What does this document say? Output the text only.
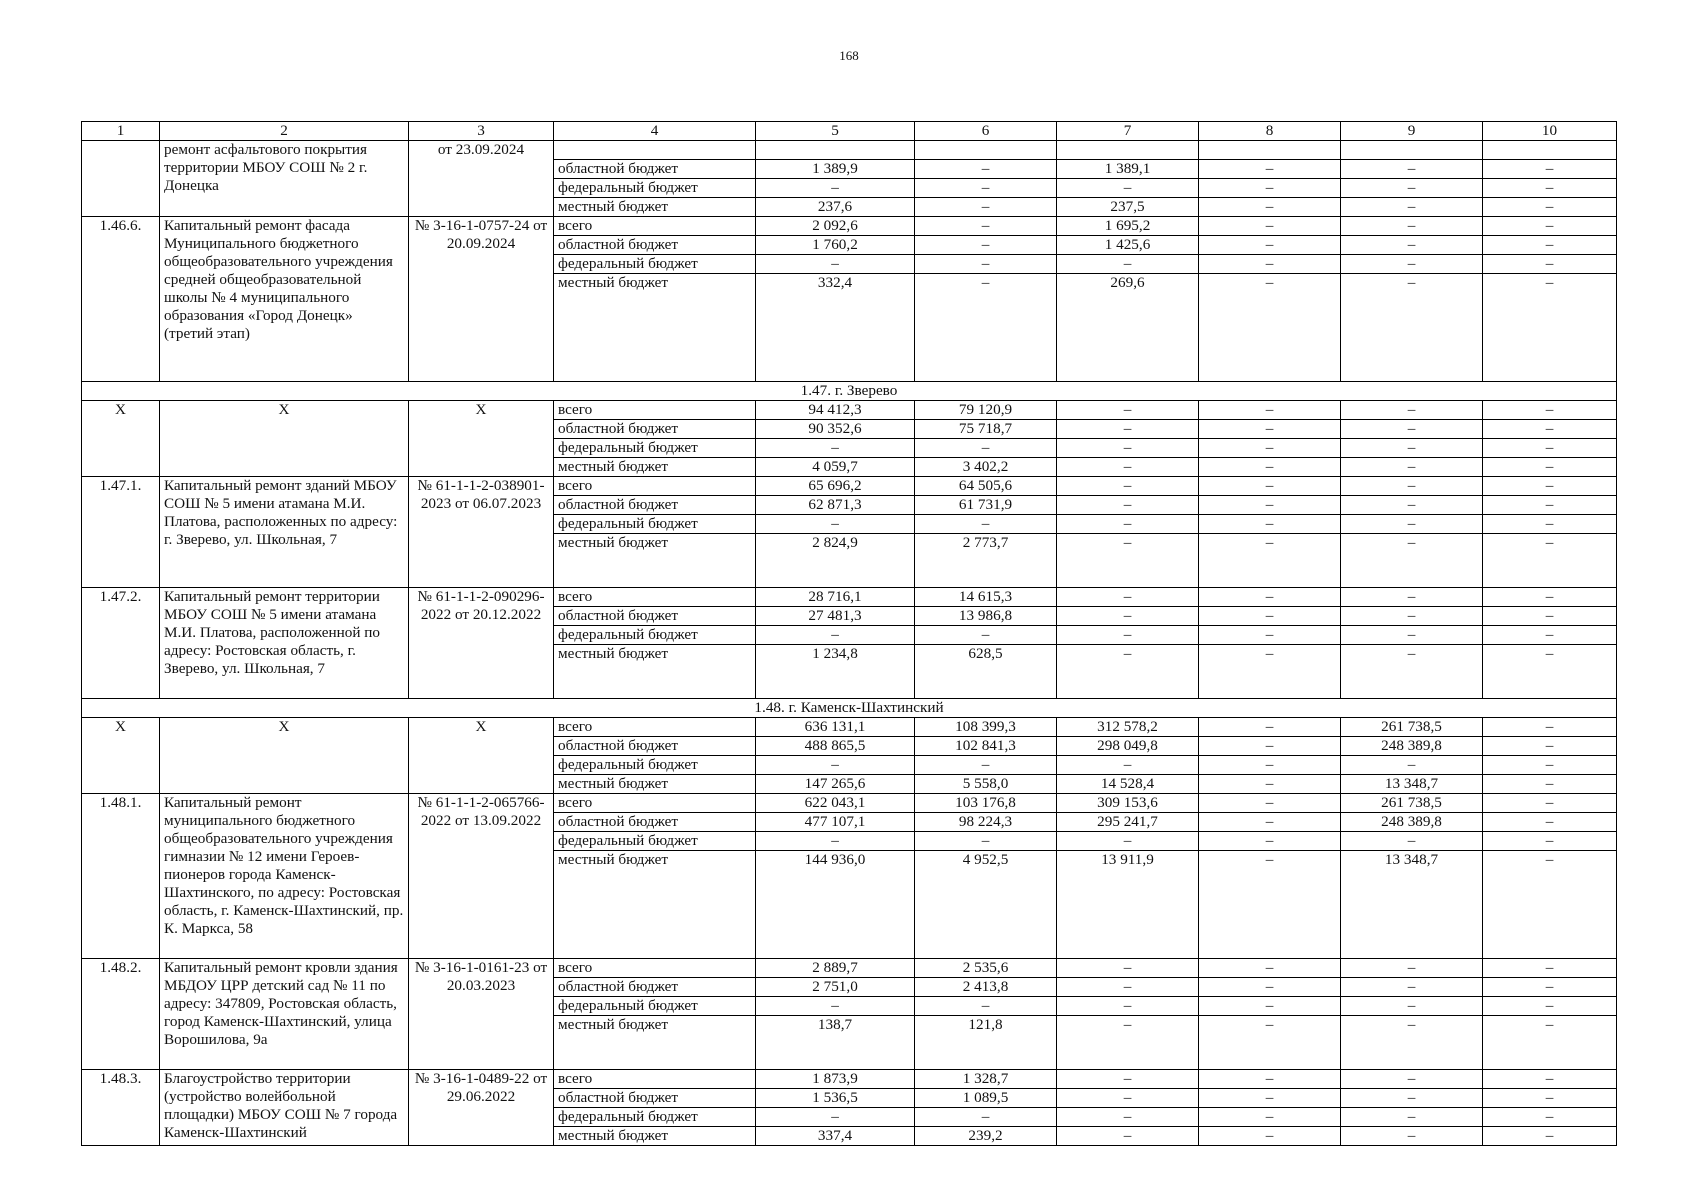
168
1	2	3	4	5	6	7	8	9	10
	ремонт асфальтового покрытия территории МБОУ СОШ № 2 г. Донецка	от 23.09.2024							
			областной бюджет	1 389,9	–	1 389,1	–	–	–
			федеральный бюджет	–	–	–	–	–	–
			местный бюджет	237,6	–	237,5	–	–	–
1.46.6.	Капитальный ремонт фасада Муниципального бюджетного общеобразовательного учреждения средней общеобразовательной школы № 4 муниципального образования «Город Донецк» (третий этап)	№ 3-16-1-0757-24 от 20.09.2024	всего	2 092,6	–	1 695,2	–	–	–
			областной бюджет	1 760,2	–	1 425,6	–	–	–
			федеральный бюджет	–	–	–	–	–	–
			местный бюджет	332,4	–	269,6	–	–	–
1.47. г. Зверево									
Х	Х	Х	всего	94 412,3	79 120,9	–	–	–	–
			областной бюджет	90 352,6	75 718,7	–	–	–	–
			федеральный бюджет	–	–	–	–	–	–
			местный бюджет	4 059,7	3 402,2	–	–	–	–
1.47.1.	Капитальный ремонт зданий МБОУ СОШ № 5 имени атамана М.И. Платова, расположенных по адресу: г. Зверево, ул. Школьная, 7	№ 61-1-1-2-038901-2023 от 06.07.2023	всего	65 696,2	64 505,6	–	–	–	–
			областной бюджет	62 871,3	61 731,9	–	–	–	–
			федеральный бюджет	–	–	–	–	–	–
			местный бюджет	2 824,9	2 773,7	–	–	–	–
1.47.2.	Капитальный ремонт территории МБОУ СОШ № 5 имени атамана М.И. Платова, расположенной по адресу: Ростовская область, г. Зверево, ул. Школьная, 7	№ 61-1-1-2-090296-2022 от 20.12.2022	всего	28 716,1	14 615,3	–	–	–	–
			областной бюджет	27 481,3	13 986,8	–	–	–	–
			федеральный бюджет	–	–	–	–	–	–
			местный бюджет	1 234,8	628,5	–	–	–	–
1.48. г. Каменск-Шахтинский									
Х	Х	Х	всего	636 131,1	108 399,3	312 578,2	–	261 738,5	–
			областной бюджет	488 865,5	102 841,3	298 049,8	–	248 389,8	–
			федеральный бюджет	–	–	–	–	–	–
			местный бюджет	147 265,6	5 558,0	14 528,4	–	13 348,7	–
1.48.1.	Капитальный ремонт муниципального бюджетного общеобразовательного учреждения гимназии № 12 имени Героев-пионеров города Каменск-Шахтинского, по адресу: Ростовская область, г. Каменск-Шахтинский, пр. К. Маркса, 58	№ 61-1-1-2-065766-2022 от 13.09.2022	всего	622 043,1	103 176,8	309 153,6	–	261 738,5	–
			областной бюджет	477 107,1	98 224,3	295 241,7	–	248 389,8	–
			федеральный бюджет	–	–	–	–	–	–
			местный бюджет	144 936,0	4 952,5	13 911,9	–	13 348,7	–
1.48.2.	Капитальный ремонт кровли здания МБДОУ ЦРР детский сад № 11 по адресу: 347809, Ростовская область, город Каменск-Шахтинский, улица Ворошилова, 9а	№ 3-16-1-0161-23 от 20.03.2023	всего	2 889,7	2 535,6	–	–	–	–
			областной бюджет	2 751,0	2 413,8	–	–	–	–
			федеральный бюджет	–	–	–	–	–	–
			местный бюджет	138,7	121,8	–	–	–	–
1.48.3.	Благоустройство территории (устройство волейбольной площадки) МБОУ СОШ № 7 города Каменск-Шахтинский	№ 3-16-1-0489-22 от 29.06.2022	всего	1 873,9	1 328,7	–	–	–	–
			областной бюджет	1 536,5	1 089,5	–	–	–	–
			федеральный бюджет	–	–	–	–	–	–
			местный бюджет	337,4	239,2	–	–	–	–
